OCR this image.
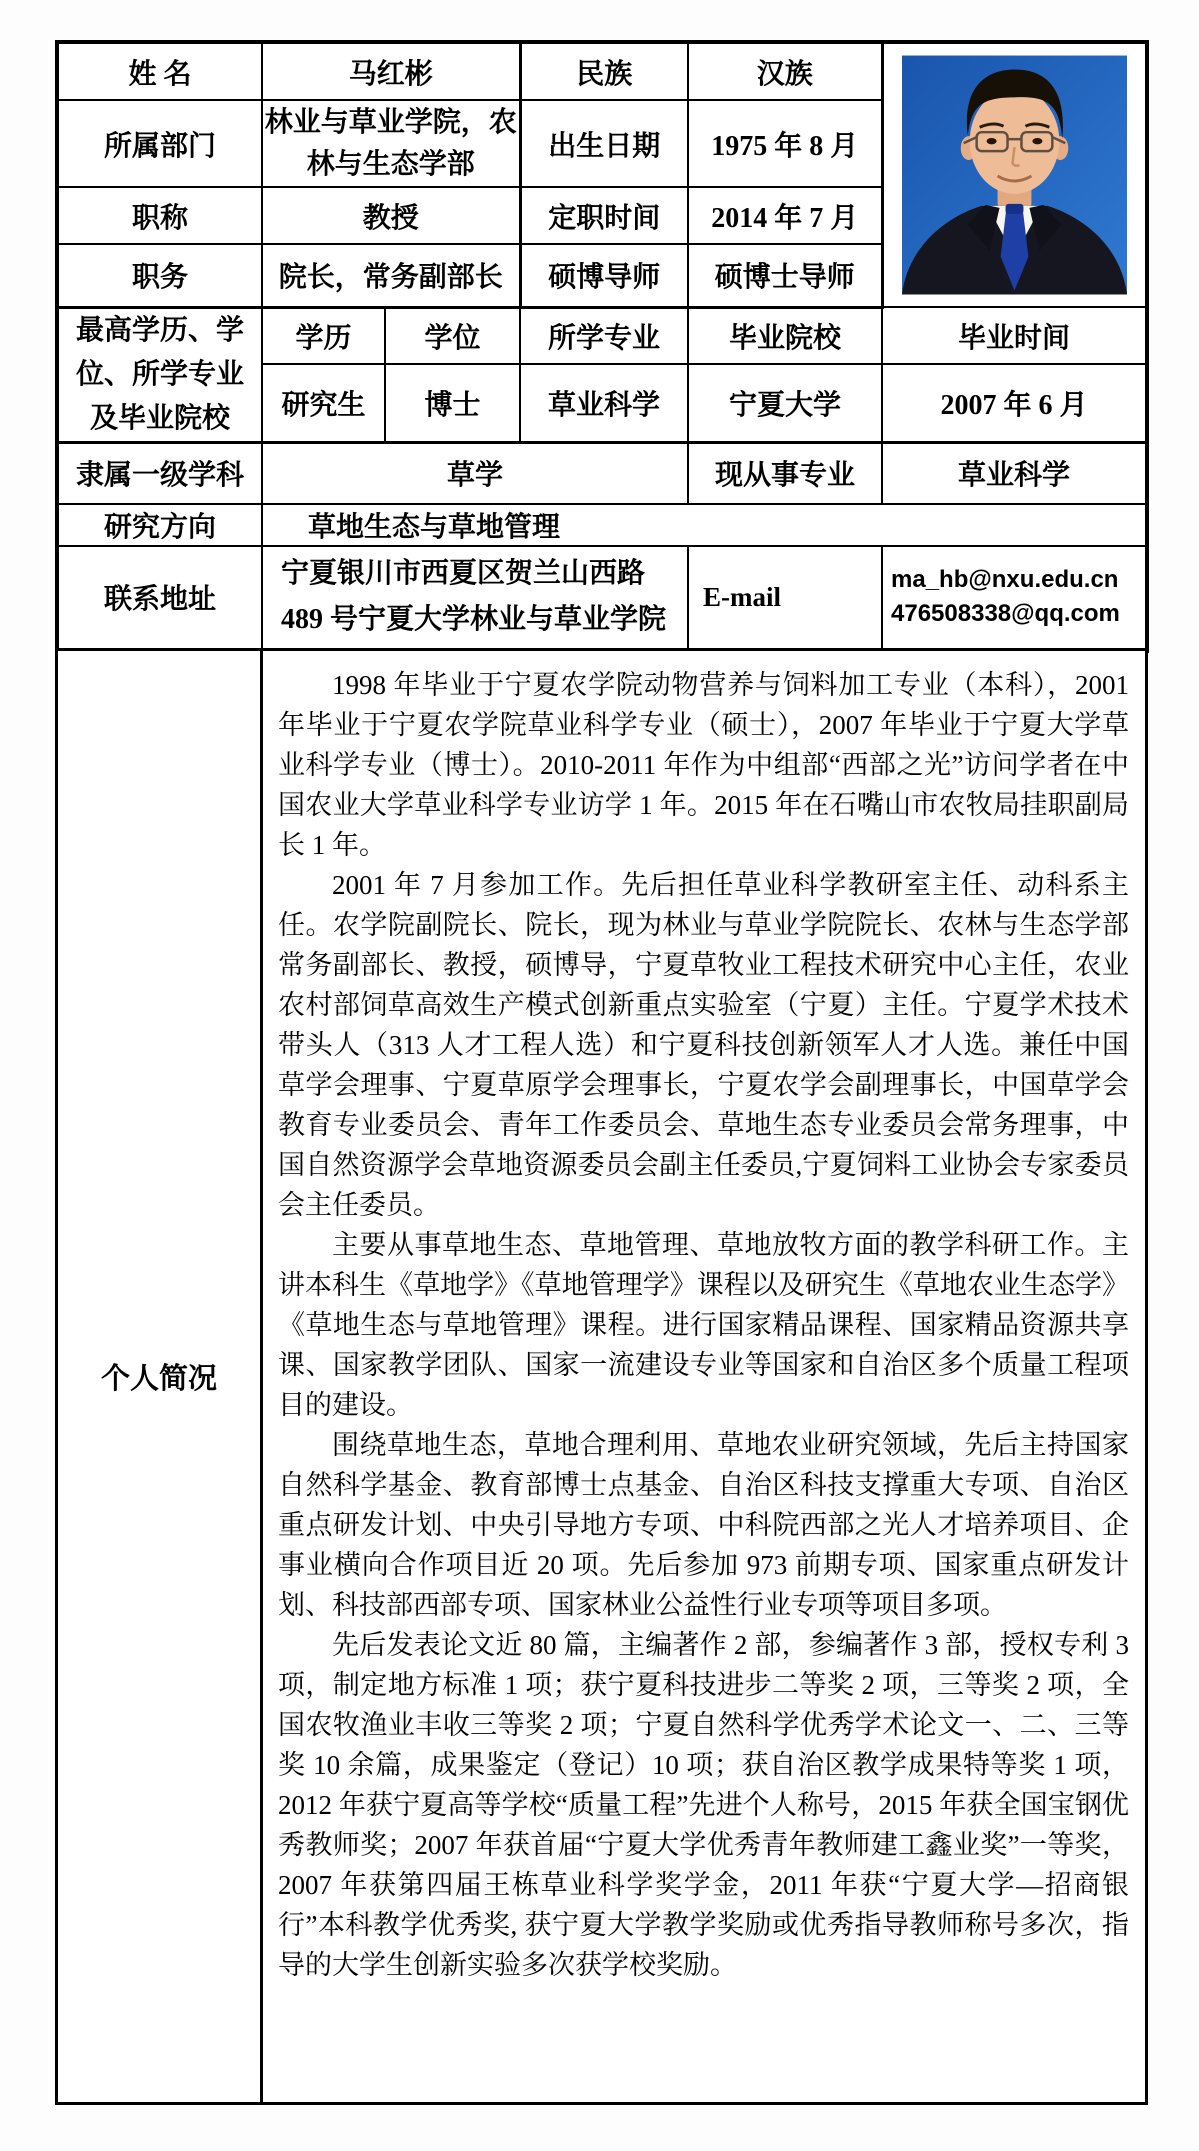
姓 名	马红彬		民族	汉族	

所属部门	林业与草业学院，农林与生态学部		出生日期	1975 年 8 月	
职称	教授		定职时间	2014 年 7 月	
职务	院长，常务副部长		硕博导师	硕博士导师	
最高学历、学位、所学专业及毕业院校	学历	学位	所学专业	毕业院校	毕业时间
	研究生	博士	草业科学	宁夏大学	2007 年 6 月
隶属一级学科	草学			现从事专业	草业科学
研究方向	草地生态与草地管理				
联系地址	宁夏银川市西夏区贺兰山西路 489 号宁夏大学林业与草业学院			E-mail	ma_hb@nxu.edu.cn
476508338@qq.com
个人简况	

1998 年毕业于宁夏农学院动物营养与饲料加工专业（本科），2001 年毕业于宁夏农学院草业科学专业（硕士），2007 年毕业于宁夏大学草业科学专业（博士）。2010-2011 年作为中组部“西部之光”访问学者在中国农业大学草业科学专业访学 1 年。2015 年在石嘴山市农牧局挂职副局长 1 年。

2001 年 7 月参加工作。先后担任草业科学教研室主任、动科系主任。农学院副院长、院长，现为林业与草业学院院长、农林与生态学部常务副部长、教授，硕博导，宁夏草牧业工程技术研究中心主任，农业农村部饲草高效生产模式创新重点实验室（宁夏）主任。宁夏学术技术带头人（313 人才工程人选）和宁夏科技创新领军人才人选。兼任中国草学会理事、宁夏草原学会理事长，宁夏农学会副理事长，中国草学会教育专业委员会、青年工作委员会、草地生态专业委员会常务理事，中国自然资源学会草地资源委员会副主任委员,宁夏饲料工业协会专家委员会主任委员。

主要从事草地生态、草地管理、草地放牧方面的教学科研工作。主讲本科生《草地学》《草地管理学》课程以及研究生《草地农业生态学》《草地生态与草地管理》课程。进行国家精品课程、国家精品资源共享课、国家教学团队、国家一流建设专业等国家和自治区多个质量工程项目的建设。

围绕草地生态，草地合理利用、草地农业研究领域，先后主持国家自然科学基金、教育部博士点基金、自治区科技支撑重大专项、自治区重点研发计划、中央引导地方专项、中科院西部之光人才培养项目、企事业横向合作项目近 20 项。先后参加 973 前期专项、国家重点研发计划、科技部西部专项、国家林业公益性行业专项等项目多项。

先后发表论文近 80 篇，主编著作 2 部，参编著作 3 部，授权专利 3 项，制定地方标准 1 项；获宁夏科技进步二等奖 2 项，三等奖 2 项，全国农牧渔业丰收三等奖 2 项；宁夏自然科学优秀学术论文一、二、三等奖 10 余篇，成果鉴定（登记）10 项；获自治区教学成果特等奖 1 项，2012 年获宁夏高等学校“质量工程”先进个人称号，2015 年获全国宝钢优秀教师奖；2007 年获首届“宁夏大学优秀青年教师建工鑫业奖”一等奖，2007 年获第四届王栋草业科学奖学金，2011 年获“宁夏大学—招商银行”本科教学优秀奖, 获宁夏大学教学奖励或优秀指导教师称号多次，指导的大学生创新实验多次获学校奖励。
